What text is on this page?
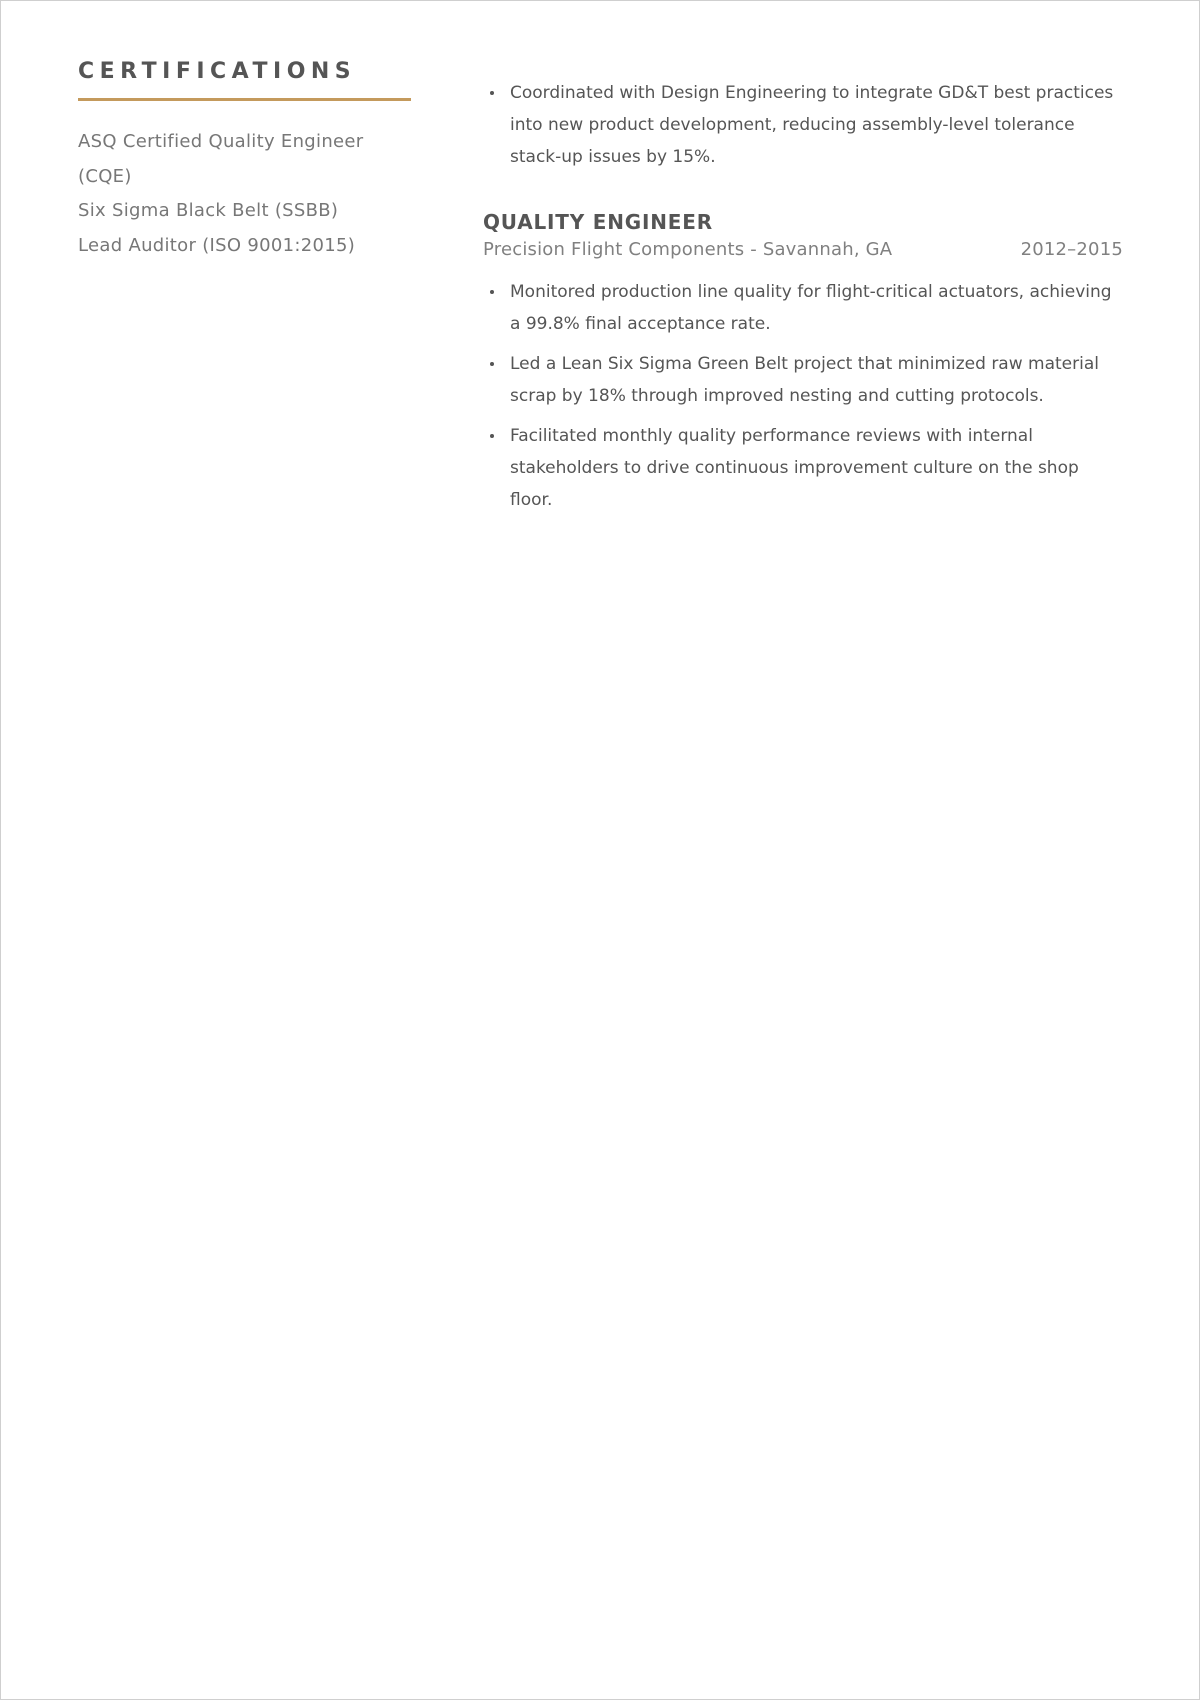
CERTIFICATIONS
ASQ Certified Quality Engineer (CQE)
Six Sigma Black Belt (SSBB)
Lead Auditor (ISO 9001:2015)
Coordinated with Design Engineering to integrate GD&T best practices into new product development, reducing assembly-level tolerance stack-up issues by 15%.
QUALITY ENGINEER
Precision Flight Components - Savannah, GA	2012–2015
Monitored production line quality for flight-critical actuators, achieving a 99.8% final acceptance rate.
Led a Lean Six Sigma Green Belt project that minimized raw material scrap by 18% through improved nesting and cutting protocols.
Facilitated monthly quality performance reviews with internal stakeholders to drive continuous improvement culture on the shop floor.
